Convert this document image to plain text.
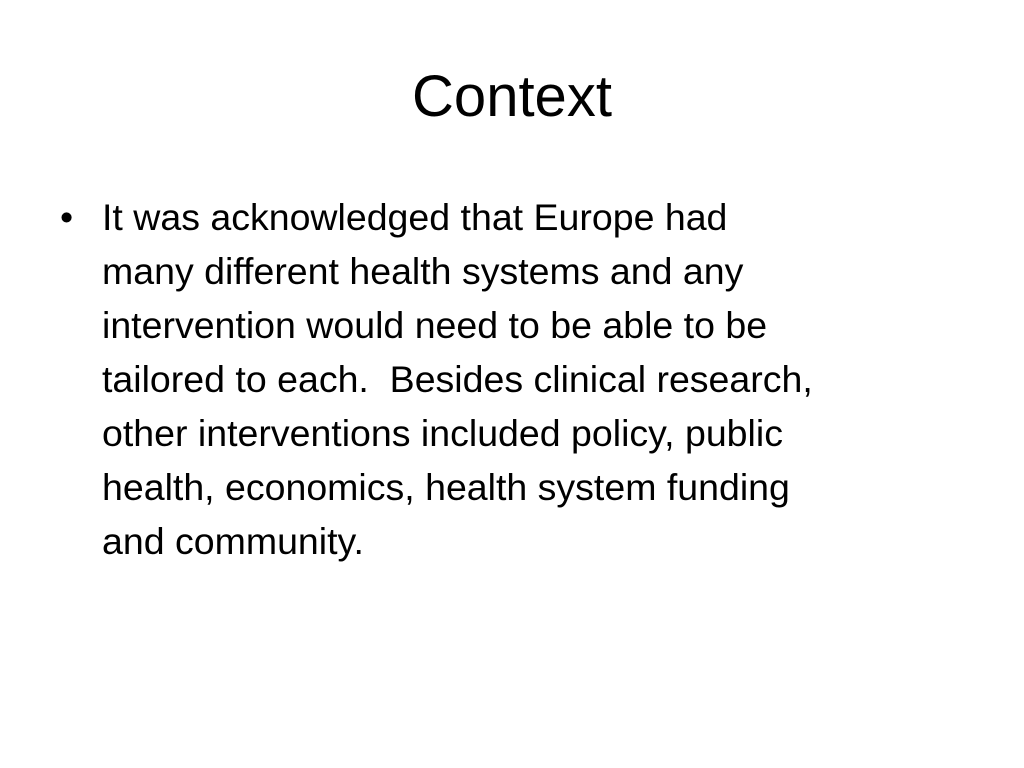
Context
• It was acknowledged that Europe had
many different health systems and any
intervention would need to be able to be
tailored to each.  Besides clinical research,
other interventions included policy, public
health, economics, health system funding
and community.
